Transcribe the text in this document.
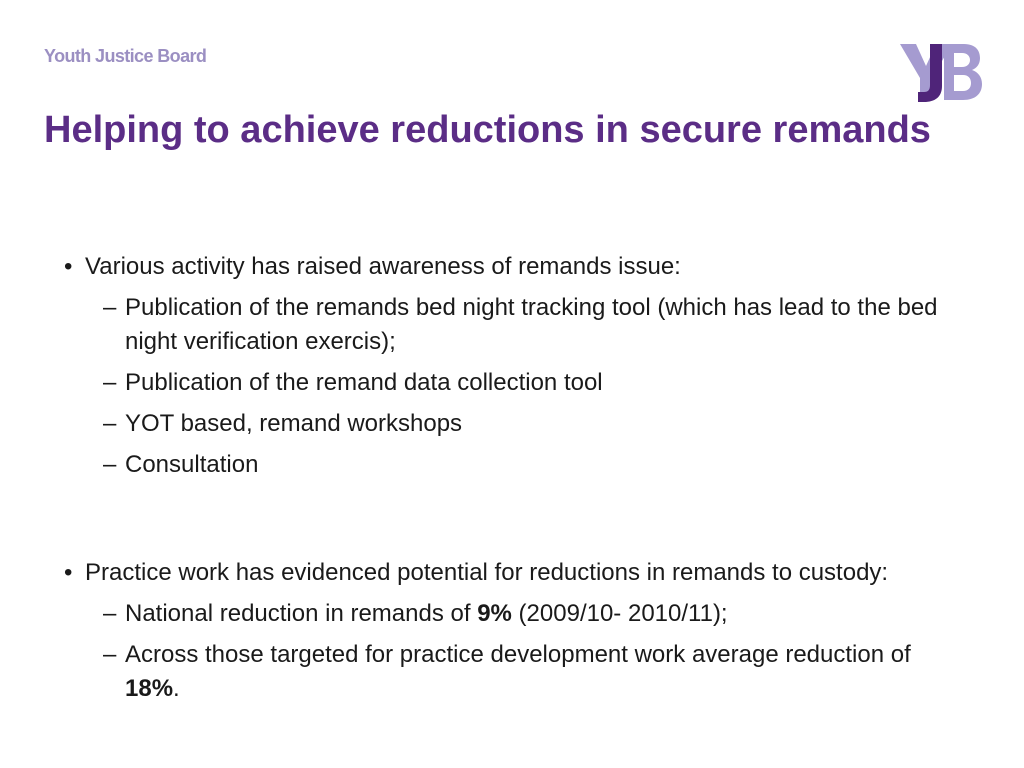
Youth Justice Board
Helping to achieve reductions in secure remands

• Various activity has raised awareness of remands issue:

– Publication of the remands bed night tracking tool (which has lead to the bed night verification exercis);

– Publication of the remand data collection tool

– YOT based, remand workshops

– Consultation

• Practice work has evidenced potential for reductions in remands to custody:

– National reduction in remands of 9% (2009/10- 2010/11);

– Across those targeted for practice development work average reduction of 18%.
